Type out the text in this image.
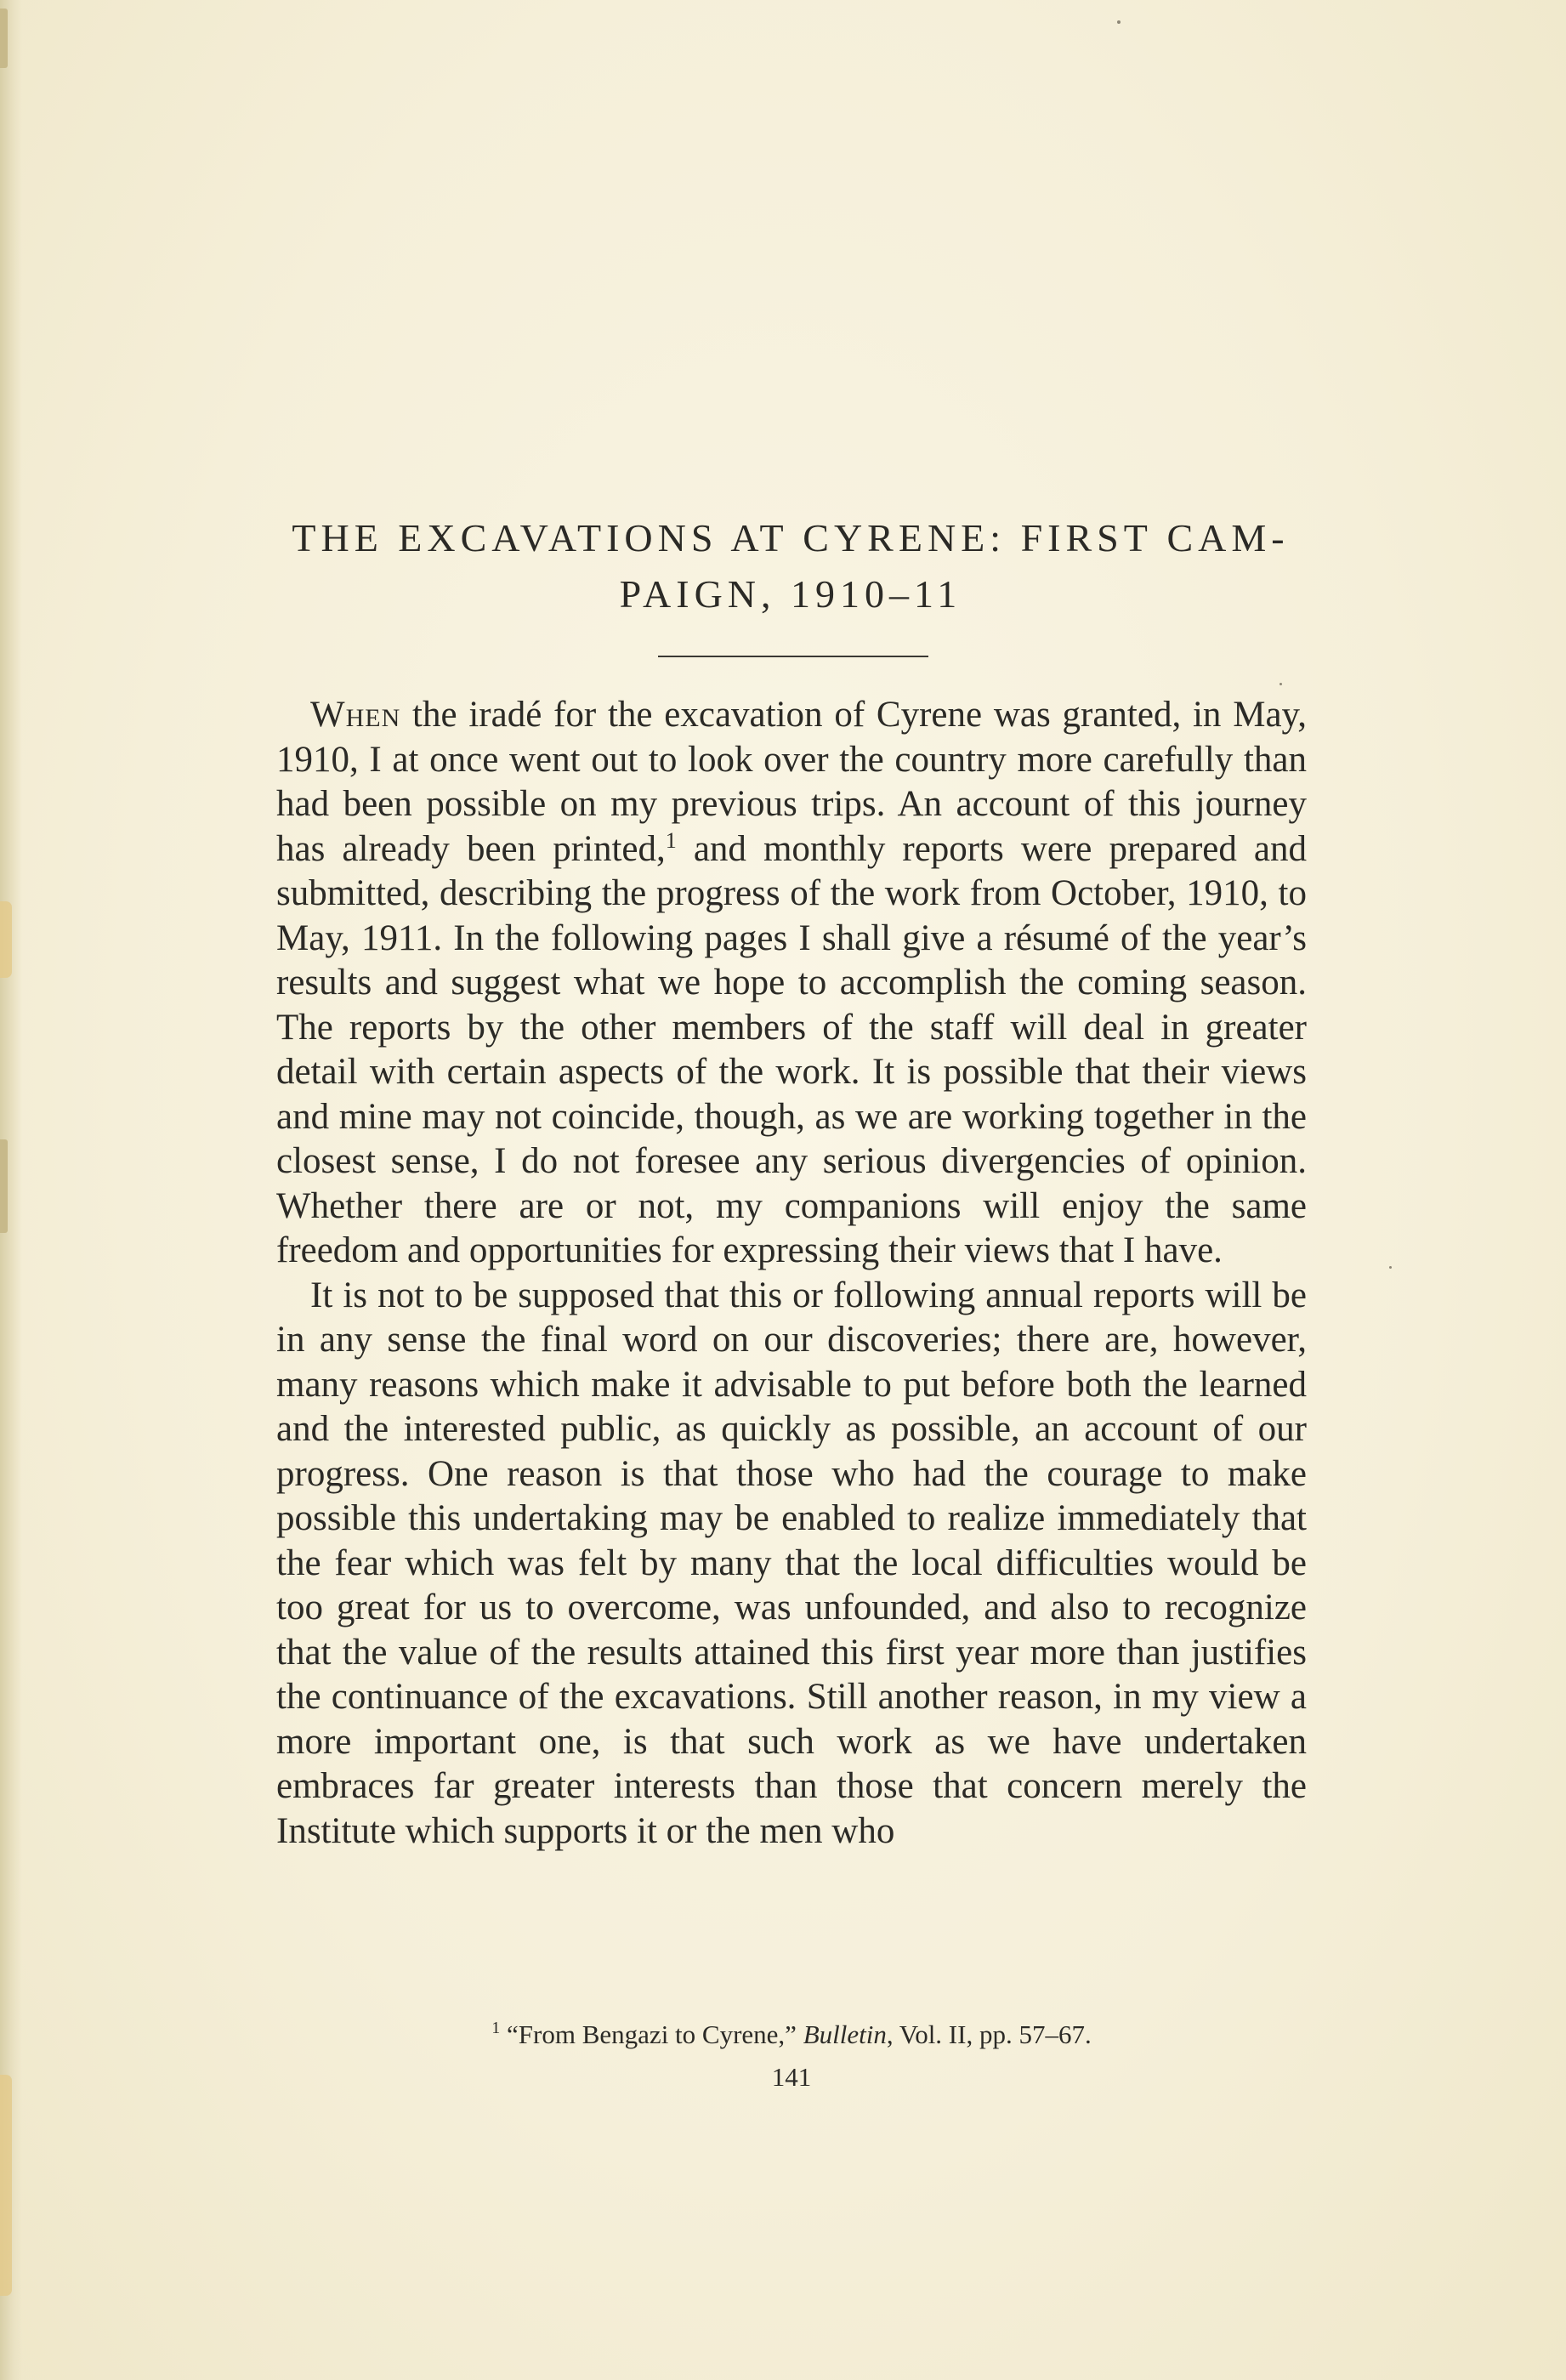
THE EXCAVATIONS AT CYRENE: FIRST CAM-
PAIGN, 1910–11

When the iradé for the excavation of Cyrene was granted, in May, 1910, I at once went out to look over the country more carefully than had been possible on my previous trips. An account of this journey has already been printed,$^1$ and monthly reports were prepared and submitted, describing the progress of the work from October, 1910, to May, 1911. In the following pages I shall give a résumé of the year’s results and suggest what we hope to accomplish the coming season. The reports by the other members of the staff will deal in greater detail with certain aspects of the work. It is possible that their views and mine may not coincide, though, as we are working together in the closest sense, I do not foresee any serious divergencies of opinion. Whether there are or not, my companions will enjoy the same freedom and opportunities for expressing their views that I have.

It is not to be supposed that this or following annual reports will be in any sense the final word on our discoveries; there are, however, many reasons which make it advisable to put before both the learned and the interested public, as quickly as possible, an account of our progress. One reason is that those who had the courage to make possible this undertaking may be enabled to realize immediately that the fear which was felt by many that the local difficulties would be too great for us to overcome, was unfounded, and also to recognize that the value of the results attained this first year more than justifies the continuance of the excavations. Still another reason, in my view a more important one, is that such work as we have undertaken embraces far greater interests than those that concern merely the Institute which supports it or the men who

$^1$ “From Bengazi to Cyrene,” Bulletin, Vol. II, pp. 57–67.

141
